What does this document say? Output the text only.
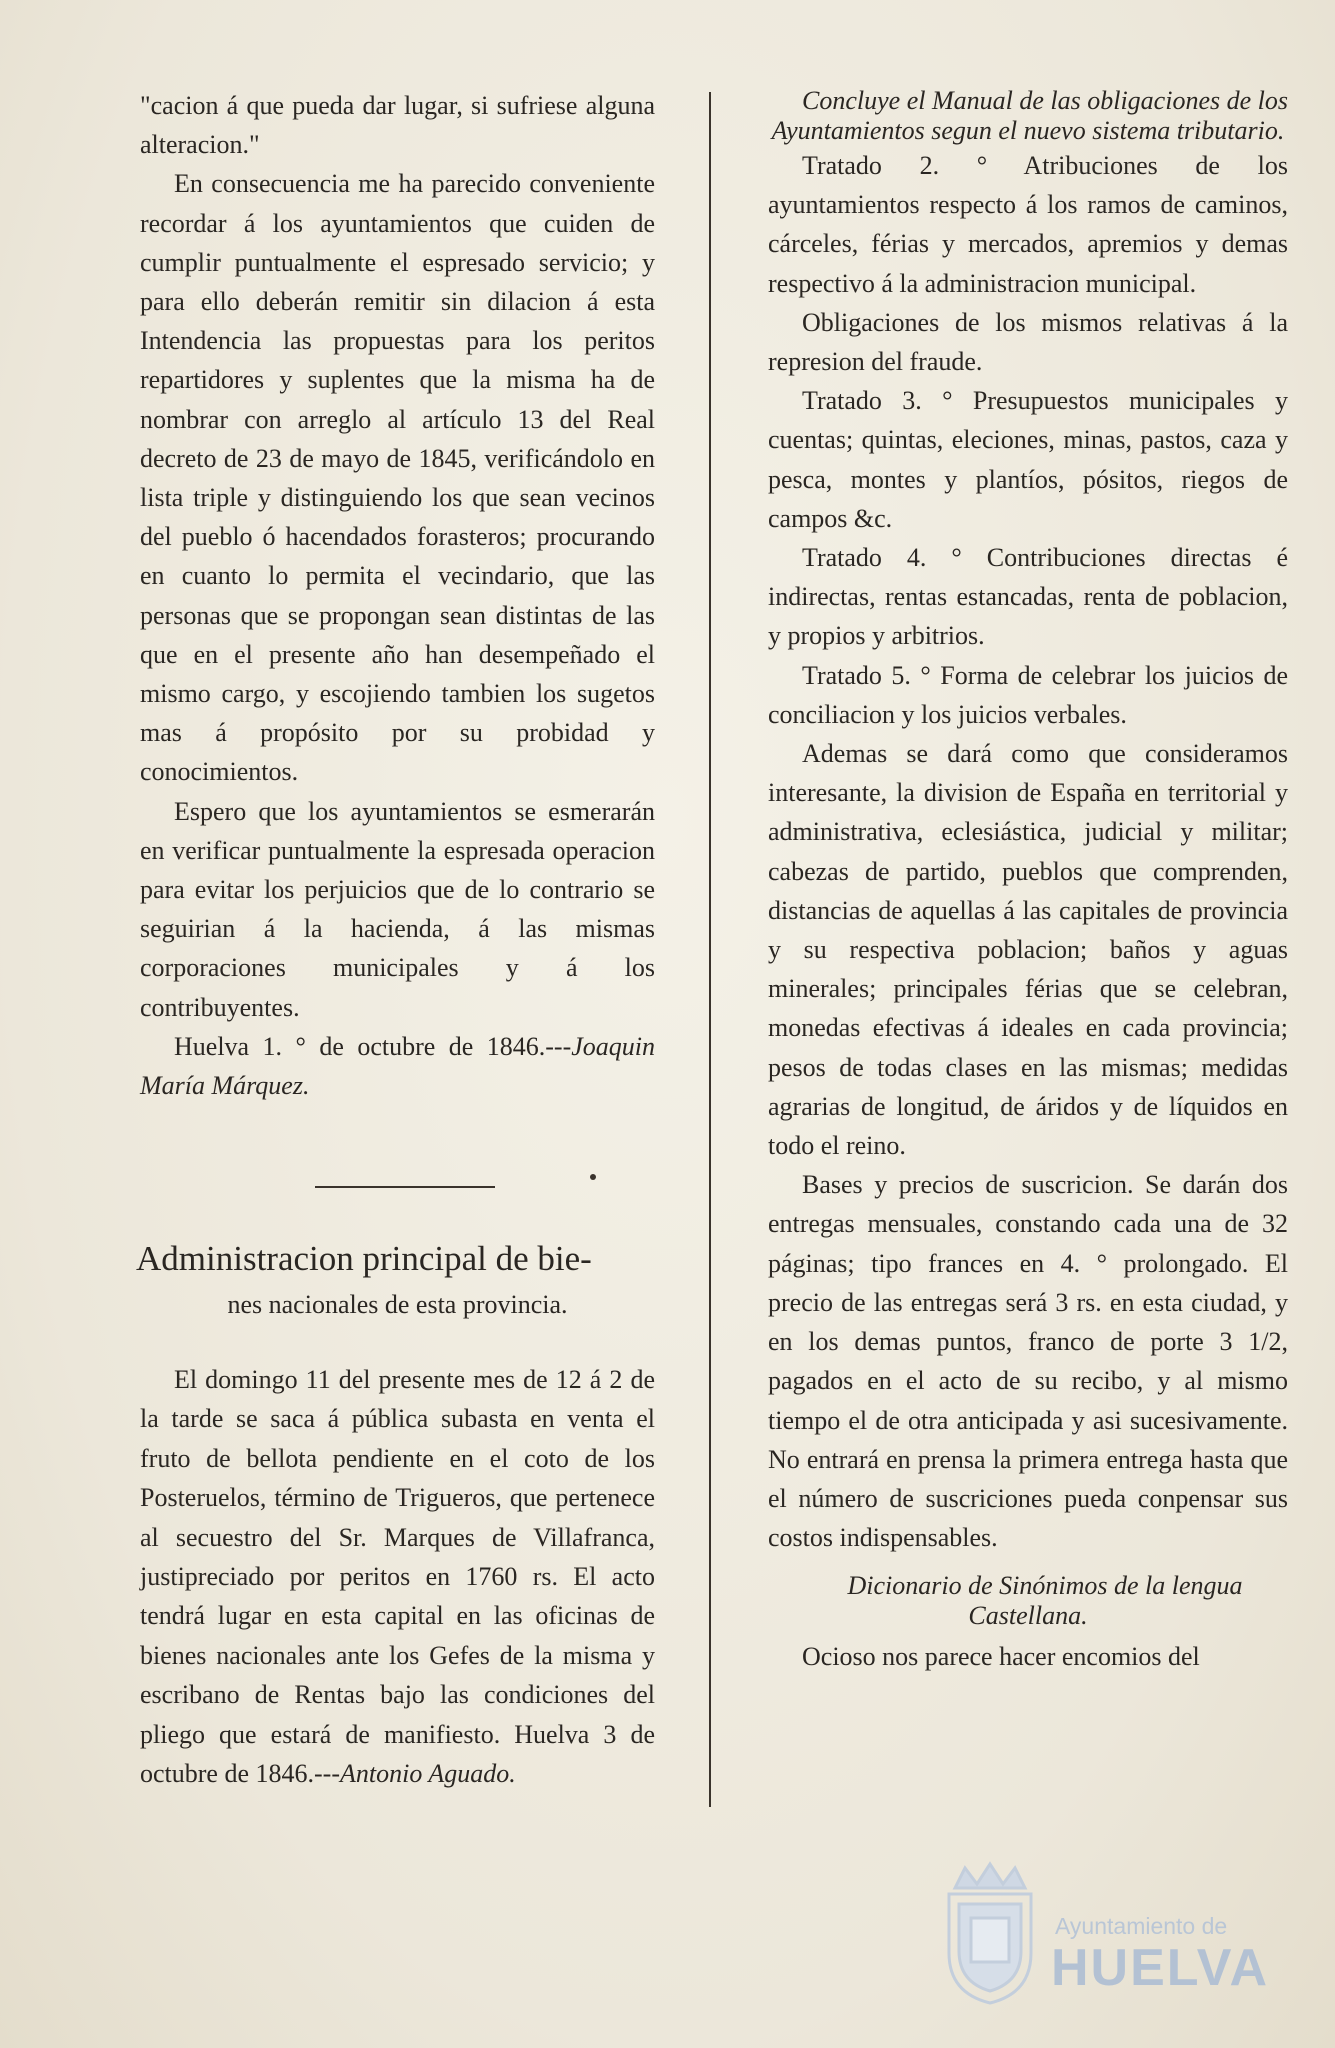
"cacion á que pueda dar lugar, si sufriese alguna alteracion."

En consecuencia me ha parecido conveniente recordar á los ayuntamientos que cuiden de cumplir puntualmente el espresado servicio; y para ello deberán remitir sin dilacion á esta Intendencia las propuestas para los peritos repartidores y suplentes que la misma ha de nombrar con arreglo al artículo 13 del Real decreto de 23 de mayo de 1845, verificándolo en lista triple y distinguiendo los que sean vecinos del pueblo ó hacendados forasteros; procurando en cuanto lo permita el vecindario, que las personas que se propongan sean distintas de las que en el presente año han desempeñado el mismo cargo, y escojiendo tambien los sugetos mas á propósito por su probidad y conocimientos.

Espero que los ayuntamientos se esmerarán en verificar puntualmente la espresada operacion para evitar los perjuicios que de lo contrario se seguirian á la hacienda, á las mismas corporaciones municipales y á los contribuyentes.

Huelva 1. ° de octubre de 1846.---Joaquin María Márquez.

Administracion principal de bie-
nes nacionales de esta provincia.

El domingo 11 del presente mes de 12 á 2 de la tarde se saca á pública subasta en venta el fruto de bellota pendiente en el coto de los Posteruelos, término de Trigueros, que pertenece al secuestro del Sr. Marques de Villafranca, justipreciado por peritos en 1760 rs. El acto tendrá lugar en esta capital en las oficinas de bienes nacionales ante los Gefes de la misma y escribano de Rentas bajo las condiciones del pliego que estará de manifiesto. Huelva 3 de octubre de 1846.---Antonio Aguado.

Concluye el Manual de las obligaciones de los Ayuntamientos segun el nuevo sistema tributario.

Tratado 2. ° Atribuciones de los ayuntamientos respecto á los ramos de caminos, cárceles, férias y mercados, apremios y demas respectivo á la administracion municipal.

Obligaciones de los mismos relativas á la represion del fraude.

Tratado 3. ° Presupuestos municipales y cuentas; quintas, eleciones, minas, pastos, caza y pesca, montes y plantíos, pósitos, riegos de campos &c.

Tratado 4. ° Contribuciones directas é indirectas, rentas estancadas, renta de poblacion, y propios y arbitrios.

Tratado 5. ° Forma de celebrar los juicios de conciliacion y los juicios verbales.

Ademas se dará como que consideramos interesante, la division de España en territorial y administrativa, eclesiástica, judicial y militar; cabezas de partido, pueblos que comprenden, distancias de aquellas á las capitales de provincia y su respectiva poblacion; baños y aguas minerales; principales férias que se celebran, monedas efectivas á ideales en cada provincia; pesos de todas clases en las mismas; medidas agrarias de longitud, de áridos y de líquidos en todo el reino.

Bases y precios de suscricion. Se darán dos entregas mensuales, constando cada una de 32 páginas; tipo frances en 4. ° prolongado. El precio de las entregas será 3 rs. en esta ciudad, y en los demas puntos, franco de porte 3 1/2, pagados en el acto de su recibo, y al mismo tiempo el de otra anticipada y asi sucesivamente. No entrará en prensa la primera entrega hasta que el número de suscriciones pueda conpensar sus costos indispensables.

Dicionario de Sinónimos de la lengua Castellana.

Ocioso nos parece hacer encomios del

Ayuntamiento de
HUELVA
